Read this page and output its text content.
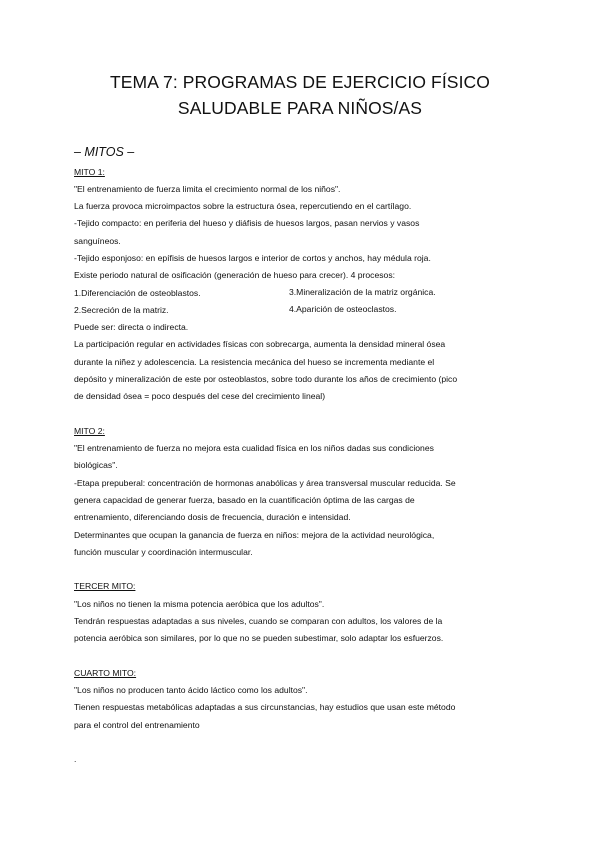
TEMA 7: PROGRAMAS DE EJERCICIO FÍSICO
SALUDABLE PARA NIÑOS/AS
– MITOS –
MITO 1:
"El entrenamiento de fuerza limita el crecimiento normal de los niños".
La fuerza provoca microimpactos sobre la estructura ósea, repercutiendo en el cartílago.
-Tejido compacto: en periferia del hueso y diáfisis de huesos largos, pasan nervios y vasos
sanguíneos.
-Tejido esponjoso: en epífisis de huesos largos e interior de cortos y anchos, hay médula roja.
Existe periodo natural de osificación (generación de hueso para crecer). 4 procesos:
1.Diferenciación de osteoblastos.	3.Mineralización de la matriz orgánica.
2.Secreción de la matriz.	4.Aparición de osteoclastos.
Puede ser: directa o indirecta.
La participación regular en actividades físicas con sobrecarga, aumenta la densidad mineral ósea
durante la niñez y adolescencia. La resistencia mecánica del hueso se incrementa mediante el
depósito y mineralización de este por osteoblastos, sobre todo durante los años de crecimiento (pico
de densidad ósea = poco después del cese del crecimiento lineal)
MITO 2:
"El entrenamiento de fuerza no mejora esta cualidad física en los niños dadas sus condiciones
biológicas".
-Etapa prepuberal: concentración de hormonas anabólicas y área transversal muscular reducida. Se
genera capacidad de generar fuerza, basado en la cuantificación óptima de las cargas de
entrenamiento, diferenciando dosis de frecuencia, duración e intensidad.
Determinantes que ocupan la ganancia de fuerza en niños: mejora de la actividad neurológica,
función muscular y coordinación intermuscular.
TERCER MITO:
"Los niños no tienen la misma potencia aeróbica que los adultos".
Tendrán respuestas adaptadas a sus niveles, cuando se comparan con adultos, los valores de la
potencia aeróbica son similares, por lo que no se pueden subestimar, solo adaptar los esfuerzos.
CUARTO MITO:
"Los niños no producen tanto ácido láctico como los adultos".
Tienen respuestas metabólicas adaptadas a sus circunstancias, hay estudios que usan este método
para el control del entrenamiento
.
